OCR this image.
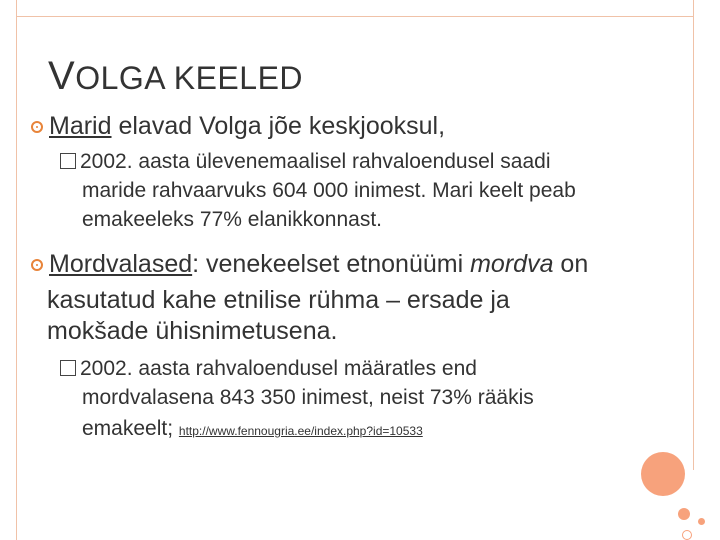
VOLGA KEELED
Marid elavad Volga jõe keskjooksul,
2002. aasta ülevenemaalisel rahvaloendusel saadi
maride rahvaarvuks 604 000 inimest. Mari keelt peab
emakeeleks 77% elanikkonnast.
Mordvalased: venekeelset etnonüümi mordva on
kasutatud kahe etnilise rühma – ersade ja
mokšade ühisnimetusena.
2002. aasta rahvaloendusel määratles end
mordvalasena 843 350 inimest, neist 73% rääkis
emakeelt; http://www.fennougria.ee/index.php?id=10533
